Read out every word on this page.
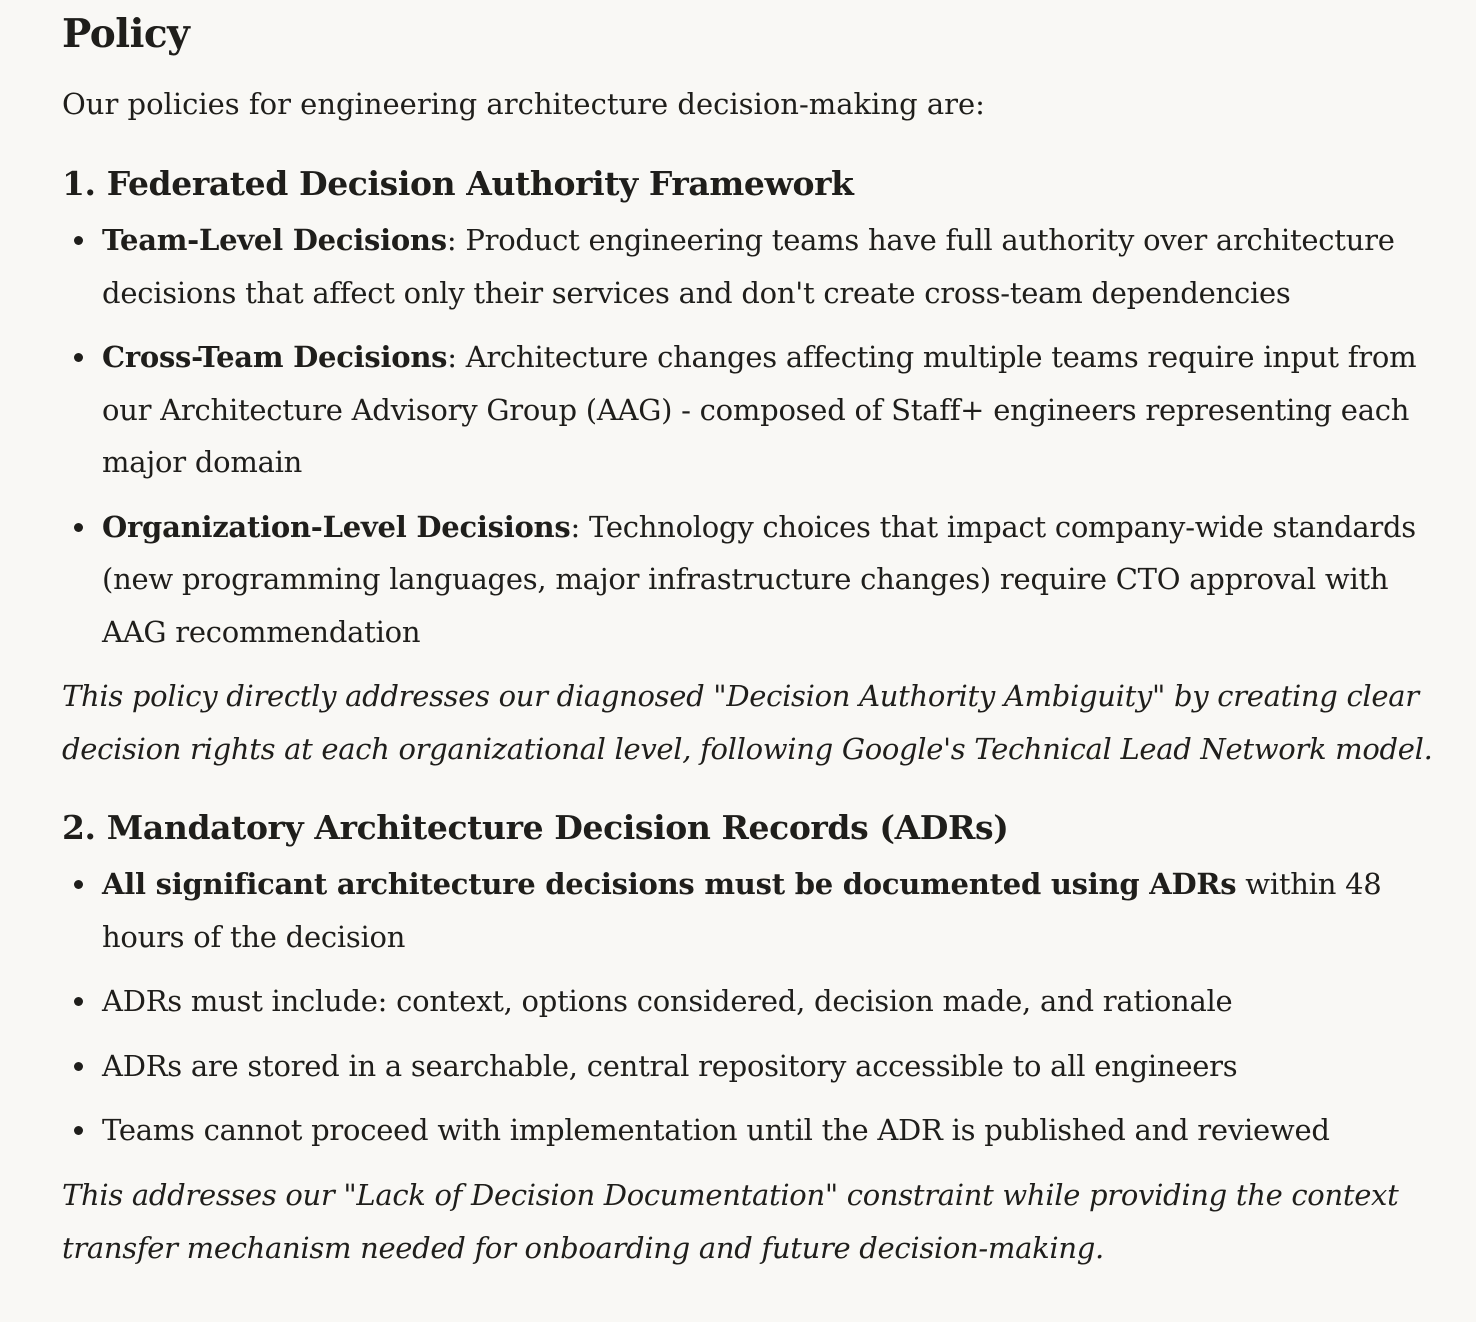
Policy

Our policies for engineering architecture decision-making are:

1. Federated Decision Authority Framework
Team-Level Decisions: Product engineering teams have full authority over architecture decisions that affect only their services and don't create cross-team dependencies
Cross-Team Decisions: Architecture changes affecting multiple teams require input from our Architecture Advisory Group (AAG) - composed of Staff+ engineers representing each major domain
Organization-Level Decisions: Technology choices that impact company-wide standards (new programming languages, major infrastructure changes) require CTO approval with AAG recommendation

This policy directly addresses our diagnosed "Decision Authority Ambiguity" by creating clear decision rights at each organizational level, following Google's Technical Lead Network model.

2. Mandatory Architecture Decision Records (ADRs)
All significant architecture decisions must be documented using ADRs within 48 hours of the decision
ADRs must include: context, options considered, decision made, and rationale
ADRs are stored in a searchable, central repository accessible to all engineers
Teams cannot proceed with implementation until the ADR is published and reviewed

This addresses our "Lack of Decision Documentation" constraint while providing the context transfer mechanism needed for onboarding and future decision-making.
